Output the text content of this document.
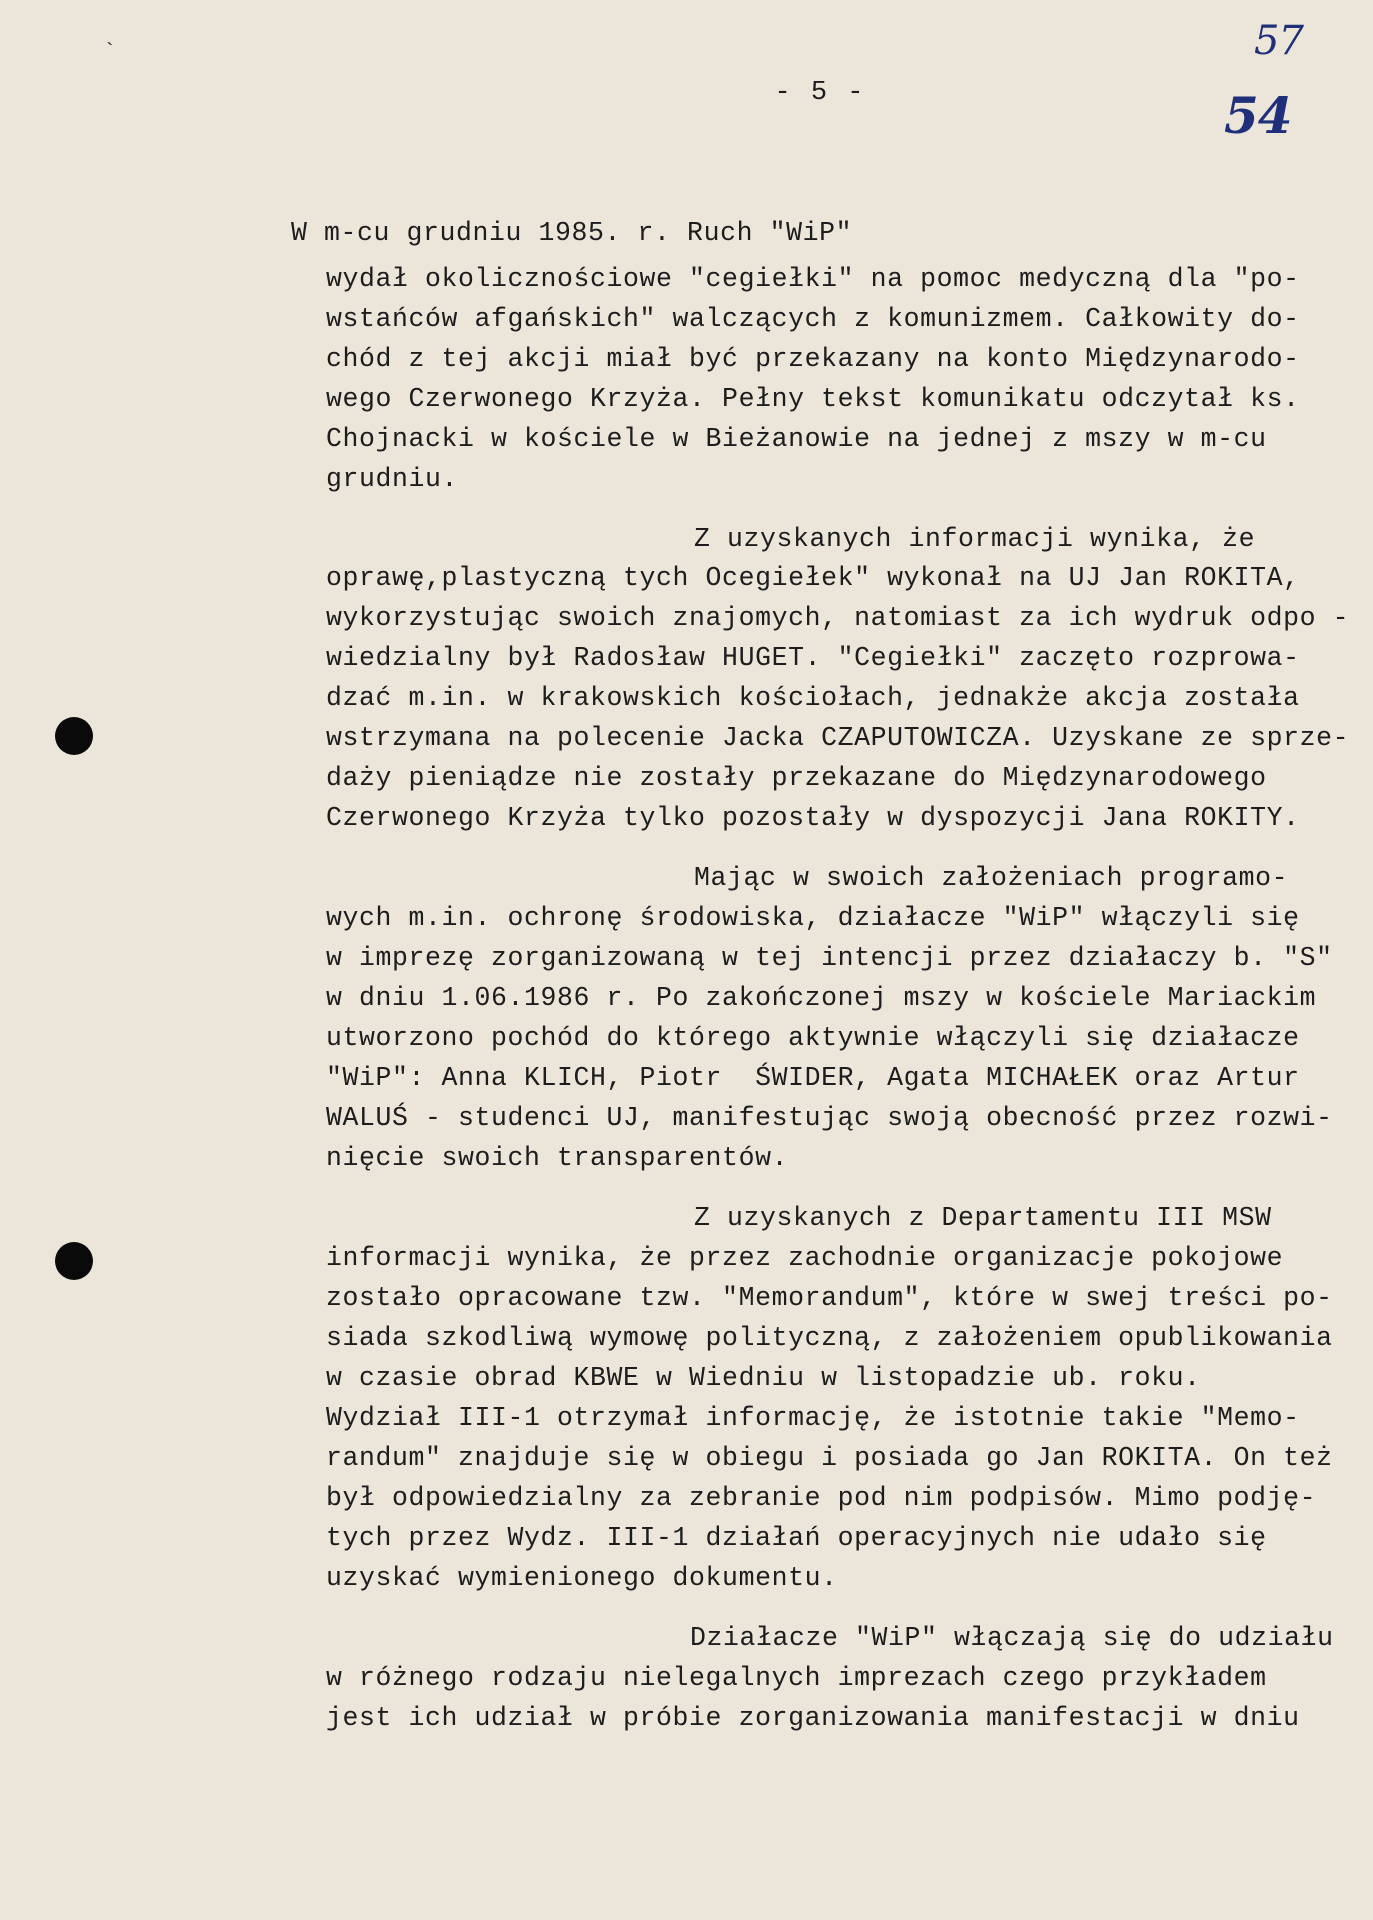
`	57
54
- 5 -
W m-cu grudniu 1985. r. Ruch "WiP"
wydał okolicznościowe "cegiełki" na pomoc medyczną dla "po-
wstańców afgańskich" walczących z komunizmem. Całkowity do-
chód z tej akcji miał być przekazany na konto Międzynarodo-
wego Czerwonego Krzyża. Pełny tekst komunikatu odczytał ks.
Chojnacki w kościele w Bieżanowie na jednej z mszy w m-cu
grudniu.
Z uzyskanych informacji wynika, że
oprawę,plastyczną tych Ocegiełek" wykonał na UJ Jan ROKITA,
wykorzystując swoich znajomych, natomiast za ich wydruk odpo -
wiedzialny był Radosław HUGET. "Cegiełki" zaczęto rozprowa-
dzać m.in. w krakowskich kościołach, jednakże akcja została
wstrzymana na polecenie Jacka CZAPUTOWICZA. Uzyskane ze sprze-
daży pieniądze nie zostały przekazane do Międzynarodowego
Czerwonego Krzyża tylko pozostały w dyspozycji Jana ROKITY.
Mając w swoich założeniach programo-
wych m.in. ochronę środowiska, działacze "WiP" włączyli się
w imprezę zorganizowaną w tej intencji przez działaczy b. "S"
w dniu 1.06.1986 r. Po zakończonej mszy w kościele Mariackim
utworzono pochód do którego aktywnie włączyli się działacze
"WiP": Anna KLICH, Piotr  ŚWIDER, Agata MICHAŁEK oraz Artur
WALUŚ - studenci UJ, manifestując swoją obecność przez rozwi-
nięcie swoich transparentów.
Z uzyskanych z Departamentu III MSW
informacji wynika, że przez zachodnie organizacje pokojowe
zostało opracowane tzw. "Memorandum", które w swej treści po-
siada szkodliwą wymowę polityczną, z założeniem opublikowania
w czasie obrad KBWE w Wiedniu w listopadzie ub. roku.
Wydział III-1 otrzymał informację, że istotnie takie "Memo-
randum" znajduje się w obiegu i posiada go Jan ROKITA. On też
był odpowiedzialny za zebranie pod nim podpisów. Mimo podję-
tych przez Wydz. III-1 działań operacyjnych nie udało się
uzyskać wymienionego dokumentu.
Działacze "WiP" włączają się do udziału
w różnego rodzaju nielegalnych imprezach czego przykładem
jest ich udział w próbie zorganizowania manifestacji w dniu
